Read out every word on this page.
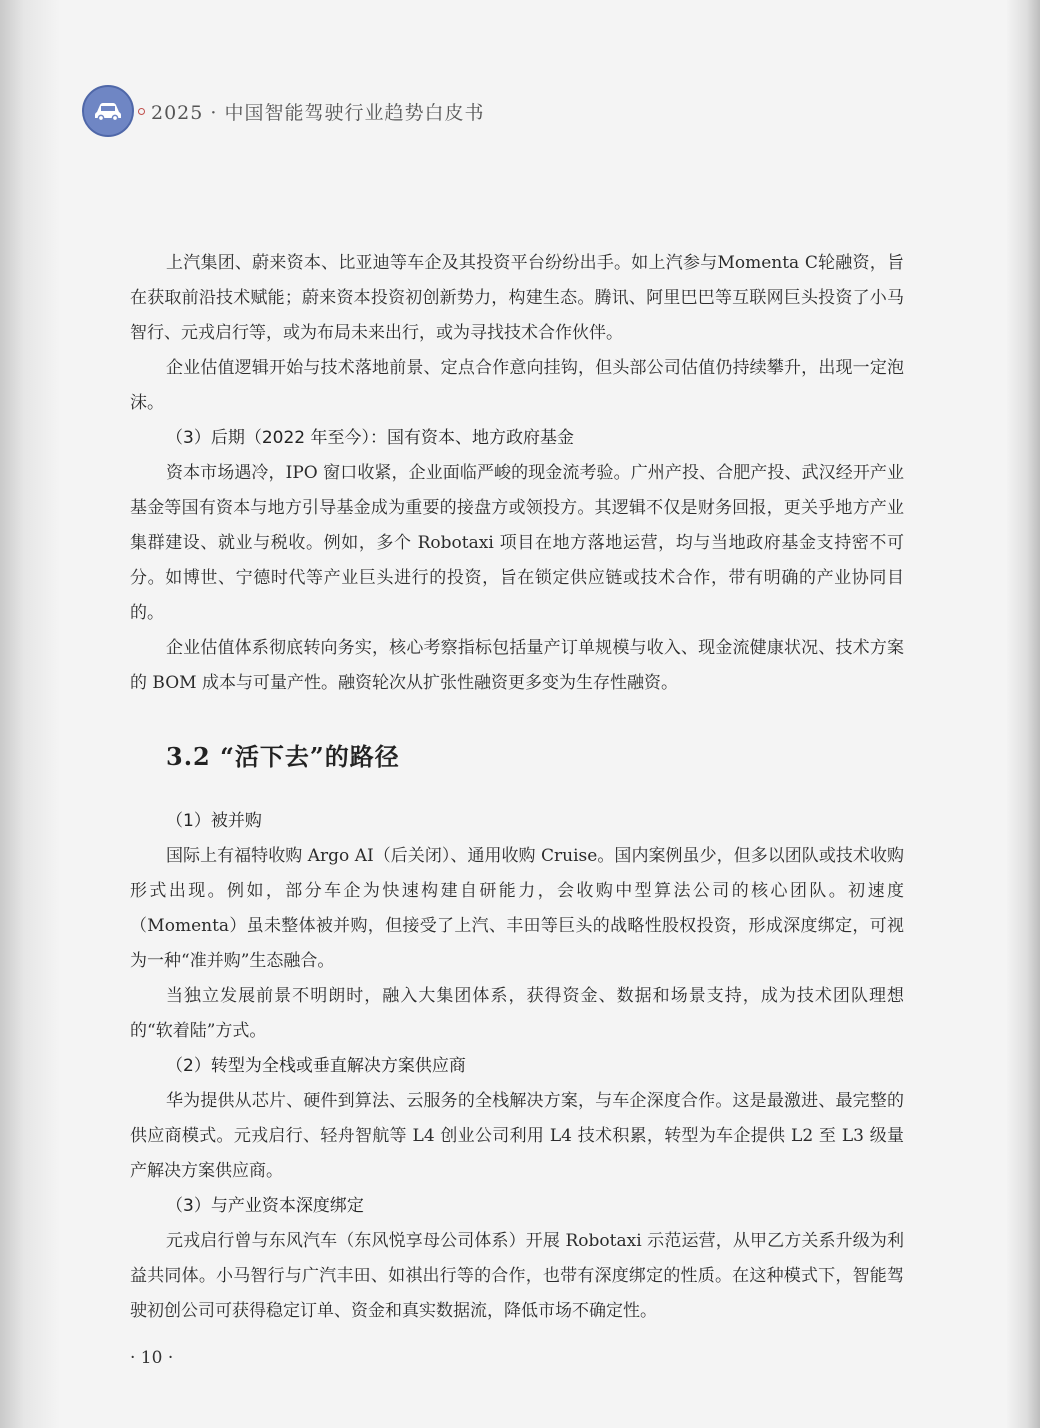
2025 · 中国智能驾驶行业趋势白皮书

上汽集团、蔚来资本、比亚迪等车企及其投资平台纷纷出手。如上汽参与Momenta C轮融资，旨在获取前沿技术赋能；蔚来资本投资初创新势力，构建生态。腾讯、阿里巴巴等互联网巨头投资了小马智行、元戎启行等，或为布局未来出行，或为寻找技术合作伙伴。

企业估值逻辑开始与技术落地前景、定点合作意向挂钩，但头部公司估值仍持续攀升，出现一定泡沫。

（3）后期（2022 年至今）：国有资本、地方政府基金

资本市场遇冷，IPO 窗口收紧，企业面临严峻的现金流考验。广州产投、合肥产投、武汉经开产业基金等国有资本与地方引导基金成为重要的接盘方或领投方。其逻辑不仅是财务回报，更关乎地方产业集群建设、就业与税收。例如，多个 Robotaxi 项目在地方落地运营，均与当地政府基金支持密不可分。如博世、宁德时代等产业巨头进行的投资，旨在锁定供应链或技术合作，带有明确的产业协同目的。

企业估值体系彻底转向务实，核心考察指标包括量产订单规模与收入、现金流健康状况、技术方案的 BOM 成本与可量产性。融资轮次从扩张性融资更多变为生存性融资。

3.2 “活下去”的路径
（1）被并购

国际上有福特收购 Argo AI（后关闭）、通用收购 Cruise。国内案例虽少，但多以团队或技术收购形式出现。例如，部分车企为快速构建自研能力，会收购中型算法公司的核心团队。初速度（Momenta）虽未整体被并购，但接受了上汽、丰田等巨头的战略性股权投资，形成深度绑定，可视为一种“准并购”生态融合。

当独立发展前景不明朗时，融入大集团体系，获得资金、数据和场景支持，成为技术团队理想的“软着陆”方式。

（2）转型为全栈或垂直解决方案供应商

华为提供从芯片、硬件到算法、云服务的全栈解决方案，与车企深度合作。这是最激进、最完整的供应商模式。元戎启行、轻舟智航等 L4 创业公司利用 L4 技术积累，转型为车企提供 L2 至 L3 级量产解决方案供应商。

（3）与产业资本深度绑定

元戎启行曾与东风汽车（东风悦享母公司体系）开展 Robotaxi 示范运营，从甲乙方关系升级为利益共同体。小马智行与广汽丰田、如祺出行等的合作，也带有深度绑定的性质。在这种模式下，智能驾驶初创公司可获得稳定订单、资金和真实数据流，降低市场不确定性。

· 10 ·
